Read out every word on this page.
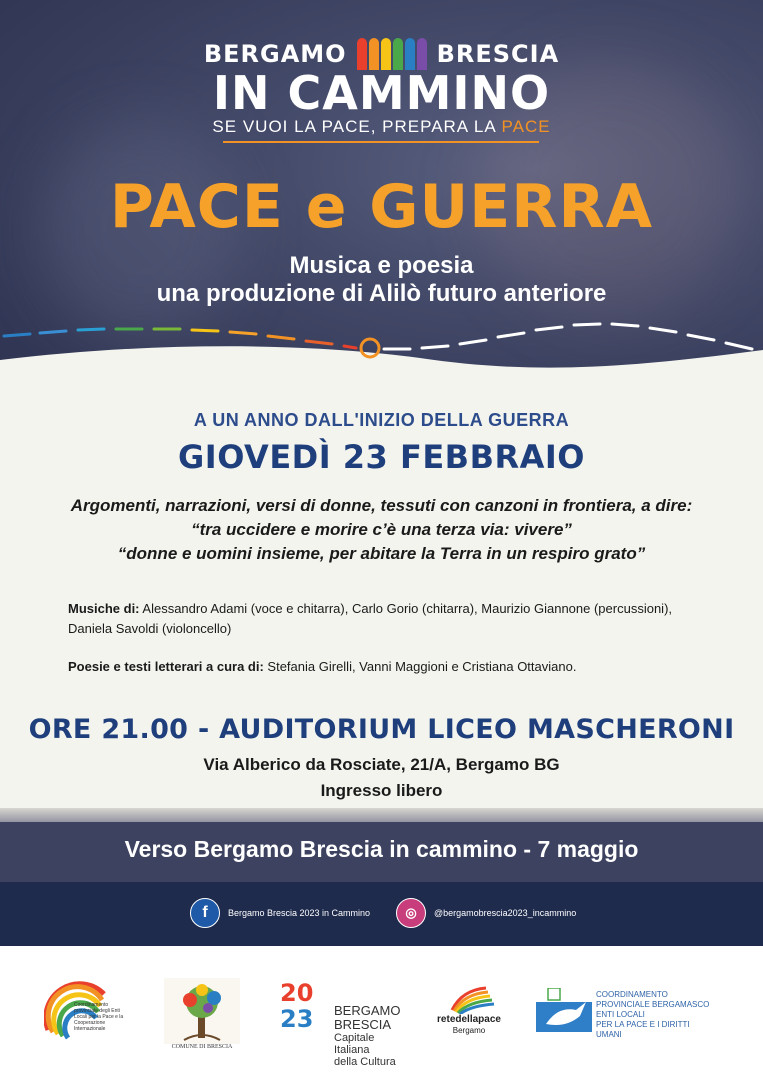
BERGAMO	BRESCIA
IN CAMMINO
SE VUOI LA PACE, PREPARA LA PACE
PACE e GUERRA
Musica e poesia
una produzione di Alilò futuro anteriore
A UN ANNO DALL'INIZIO DELLA GUERRA
GIOVEDÌ 23 FEBBRAIO
Argomenti, narrazioni, versi di donne, tessuti con canzoni in frontiera, a dire:
“tra uccidere e morire c’è una terza via: vivere”
“donne e uomini insieme, per abitare la Terra in un respiro grato”
Musiche di: Alessandro Adami (voce e chitarra), Carlo Gorio (chitarra), Maurizio Giannone (percussioni), Daniela Savoldi (violoncello)
Poesie e testi letterari a cura di: Stefania Girelli, Vanni Maggioni e Cristiana Ottaviano.
ORE 21.00 - AUDITORIUM LICEO MASCHERONI
Via Alberico da Rosciate, 21/A, Bergamo BG
Ingresso libero
Verso Bergamo Brescia in cammino - 7 maggio
f	Bergamo Brescia 2023 in Cammino	◎	@bergamobrescia2023_incammino
Coordinamento provinciale degli Enti Locali per la Pace e la Cooperazione Internazionale
COMUNE DI BRESCIA
20
23	BERGAMO
BRESCIA
Capitale Italiana
della Cultura
retedellapace
Bergamo
COORDINAMENTO
PROVINCIALE BERGAMASCO
ENTI LOCALI
PER LA PACE E I DIRITTI UMANI
